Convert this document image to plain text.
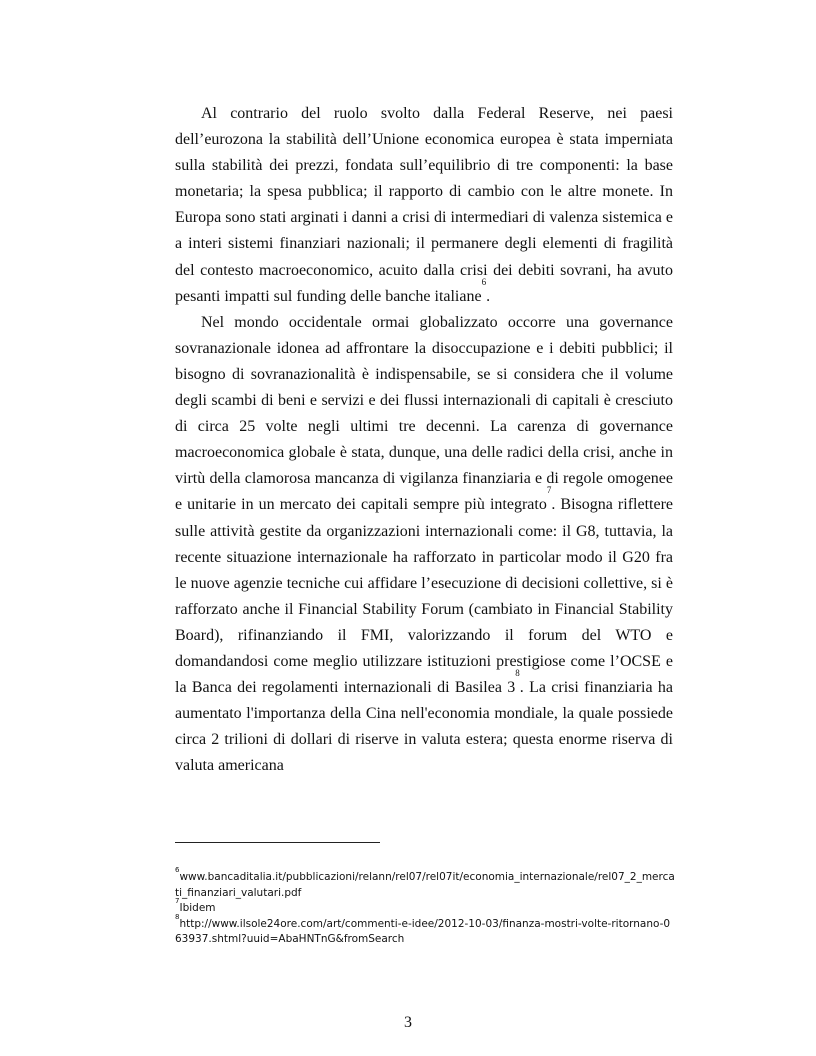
Al contrario del ruolo svolto dalla Federal Reserve, nei paesi dell’eurozona la stabilità dell’Unione economica europea è stata imperniata sulla stabilità dei prezzi, fondata sull’equilibrio di tre componenti: la base monetaria; la spesa pubblica; il rapporto di cambio con le altre monete. In Europa sono stati arginati i danni a crisi di intermediari di valenza sistemica e a interi sistemi finanziari nazionali; il permanere degli elementi di fragilità del contesto macroeconomico, acuito dalla crisi dei debiti sovrani, ha avuto pesanti impatti sul funding delle banche italiane$^6$.

Nel mondo occidentale ormai globalizzato occorre una governance sovranazionale idonea ad affrontare la disoccupazione e i debiti pubblici; il bisogno di sovranazionalità è indispensabile, se si considera che il volume degli scambi di beni e servizi e dei flussi internazionali di capitali è cresciuto di circa 25 volte negli ultimi tre decenni. La carenza di governance macroeconomica globale è stata, dunque, una delle radici della crisi, anche in virtù della clamorosa mancanza di vigilanza finanziaria e di regole omogenee e unitarie in un mercato dei capitali sempre più integrato$^7$. Bisogna riflettere sulle attività gestite da organizzazioni internazionali come: il G8, tuttavia, la recente situazione internazionale ha rafforzato in particolar modo il G20 fra le nuove agenzie tecniche cui affidare l’esecuzione di decisioni collettive, si è rafforzato anche il Financial Stability Forum (cambiato in Financial Stability Board), rifinanziando il FMI, valorizzando il forum del WTO e domandandosi come meglio utilizzare istituzioni prestigiose come l’OCSE e la Banca dei regolamenti internazionali di Basilea $3^8$. La crisi finanziaria ha aumentato l'importanza della Cina nell'economia mondiale, la quale possiede circa 2 trilioni di dollari di riserve in valuta estera; questa enorme riserva di valuta americana

$^6$www.bancaditalia.it/pubblicazioni/relann/rel07/rel07it/economia_internazionale/rel07_2_mercati_finanziari_valutari.pdf

$^7$Ibidem

$^8$http://www.ilsole24ore.com/art/commenti-e-idee/2012-10-03/finanza-mostri-volte-ritornano-063937.shtml?uuid=AbaHNTnG&fromSearch

3
